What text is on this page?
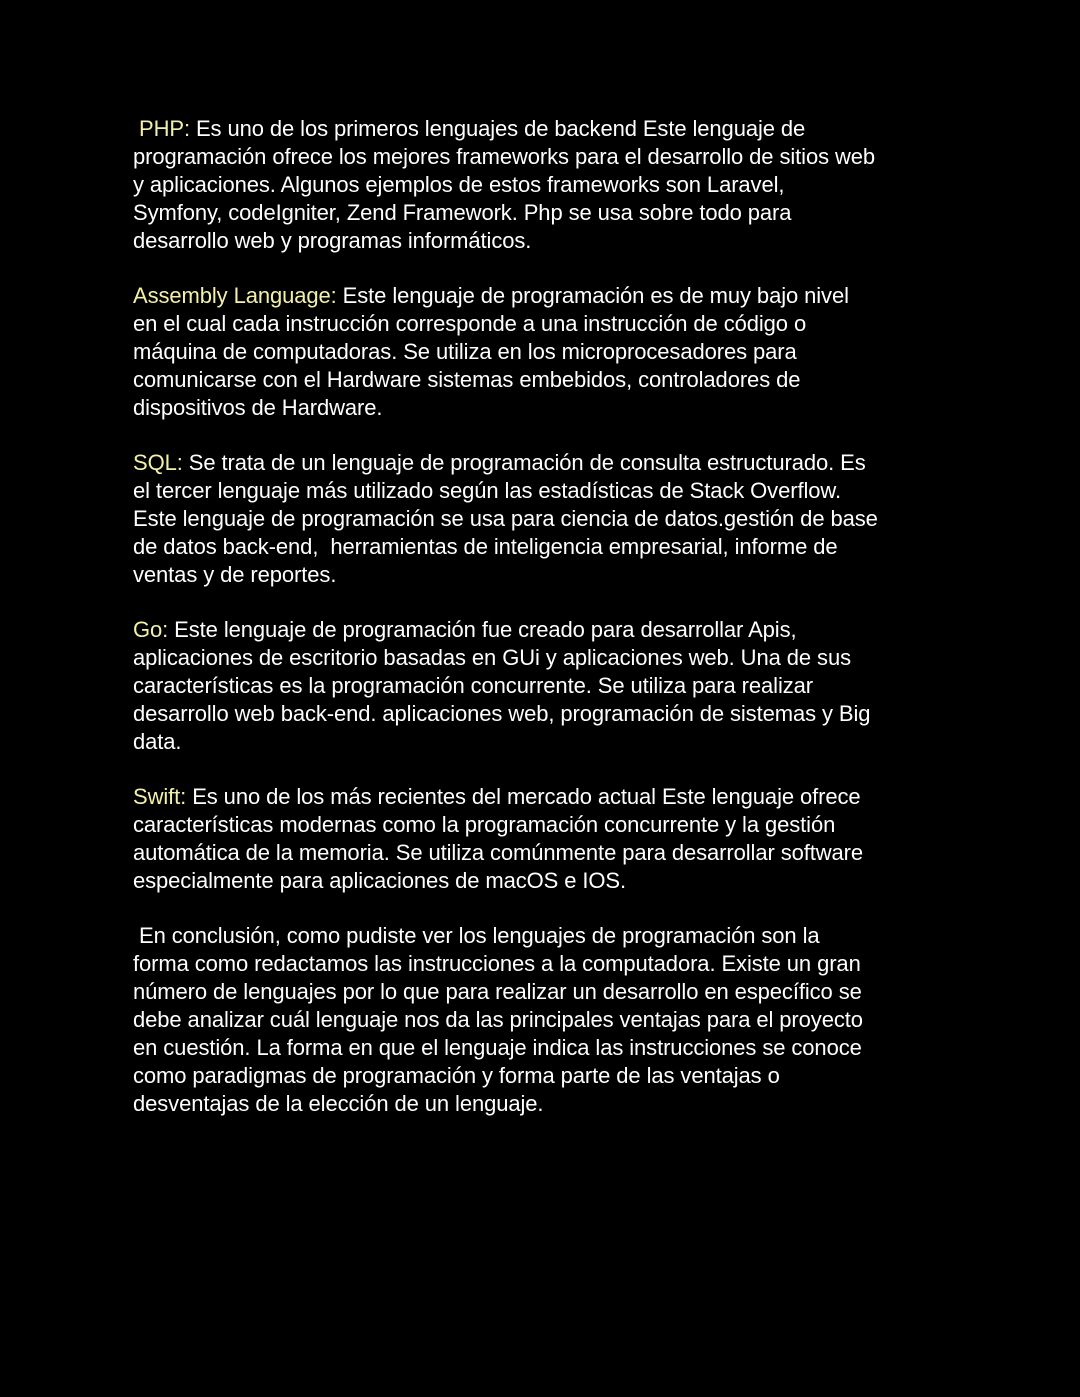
PHP: Es uno de los primeros lenguajes de backend Este lenguaje de
programación ofrece los mejores frameworks para el desarrollo de sitios web
y aplicaciones. Algunos ejemplos de estos frameworks son Laravel,
Symfony, codeIgniter, Zend Framework. Php se usa sobre todo para
desarrollo web y programas informáticos.

Assembly Language: Este lenguaje de programación es de muy bajo nivel
en el cual cada instrucción corresponde a una instrucción de código o
máquina de computadoras. Se utiliza en los microprocesadores para
comunicarse con el Hardware sistemas embebidos, controladores de
dispositivos de Hardware.

SQL: Se trata de un lenguaje de programación de consulta estructurado. Es
el tercer lenguaje más utilizado según las estadísticas de Stack Overflow.
Este lenguaje de programación se usa para ciencia de datos.gestión de base
de datos back-end,  herramientas de inteligencia empresarial, informe de
ventas y de reportes.

Go: Este lenguaje de programación fue creado para desarrollar Apis,
aplicaciones de escritorio basadas en GUi y aplicaciones web. Una de sus
características es la programación concurrente. Se utiliza para realizar
desarrollo web back-end. aplicaciones web, programación de sistemas y Big
data.

Swift: Es uno de los más recientes del mercado actual Este lenguaje ofrece
características modernas como la programación concurrente y la gestión
automática de la memoria. Se utiliza comúnmente para desarrollar software
especialmente para aplicaciones de macOS e IOS.

En conclusión, como pudiste ver los lenguajes de programación son la
forma como redactamos las instrucciones a la computadora. Existe un gran
número de lenguajes por lo que para realizar un desarrollo en específico se
debe analizar cuál lenguaje nos da las principales ventajas para el proyecto
en cuestión. La forma en que el lenguaje indica las instrucciones se conoce
como paradigmas de programación y forma parte de las ventajas o
desventajas de la elección de un lenguaje.
